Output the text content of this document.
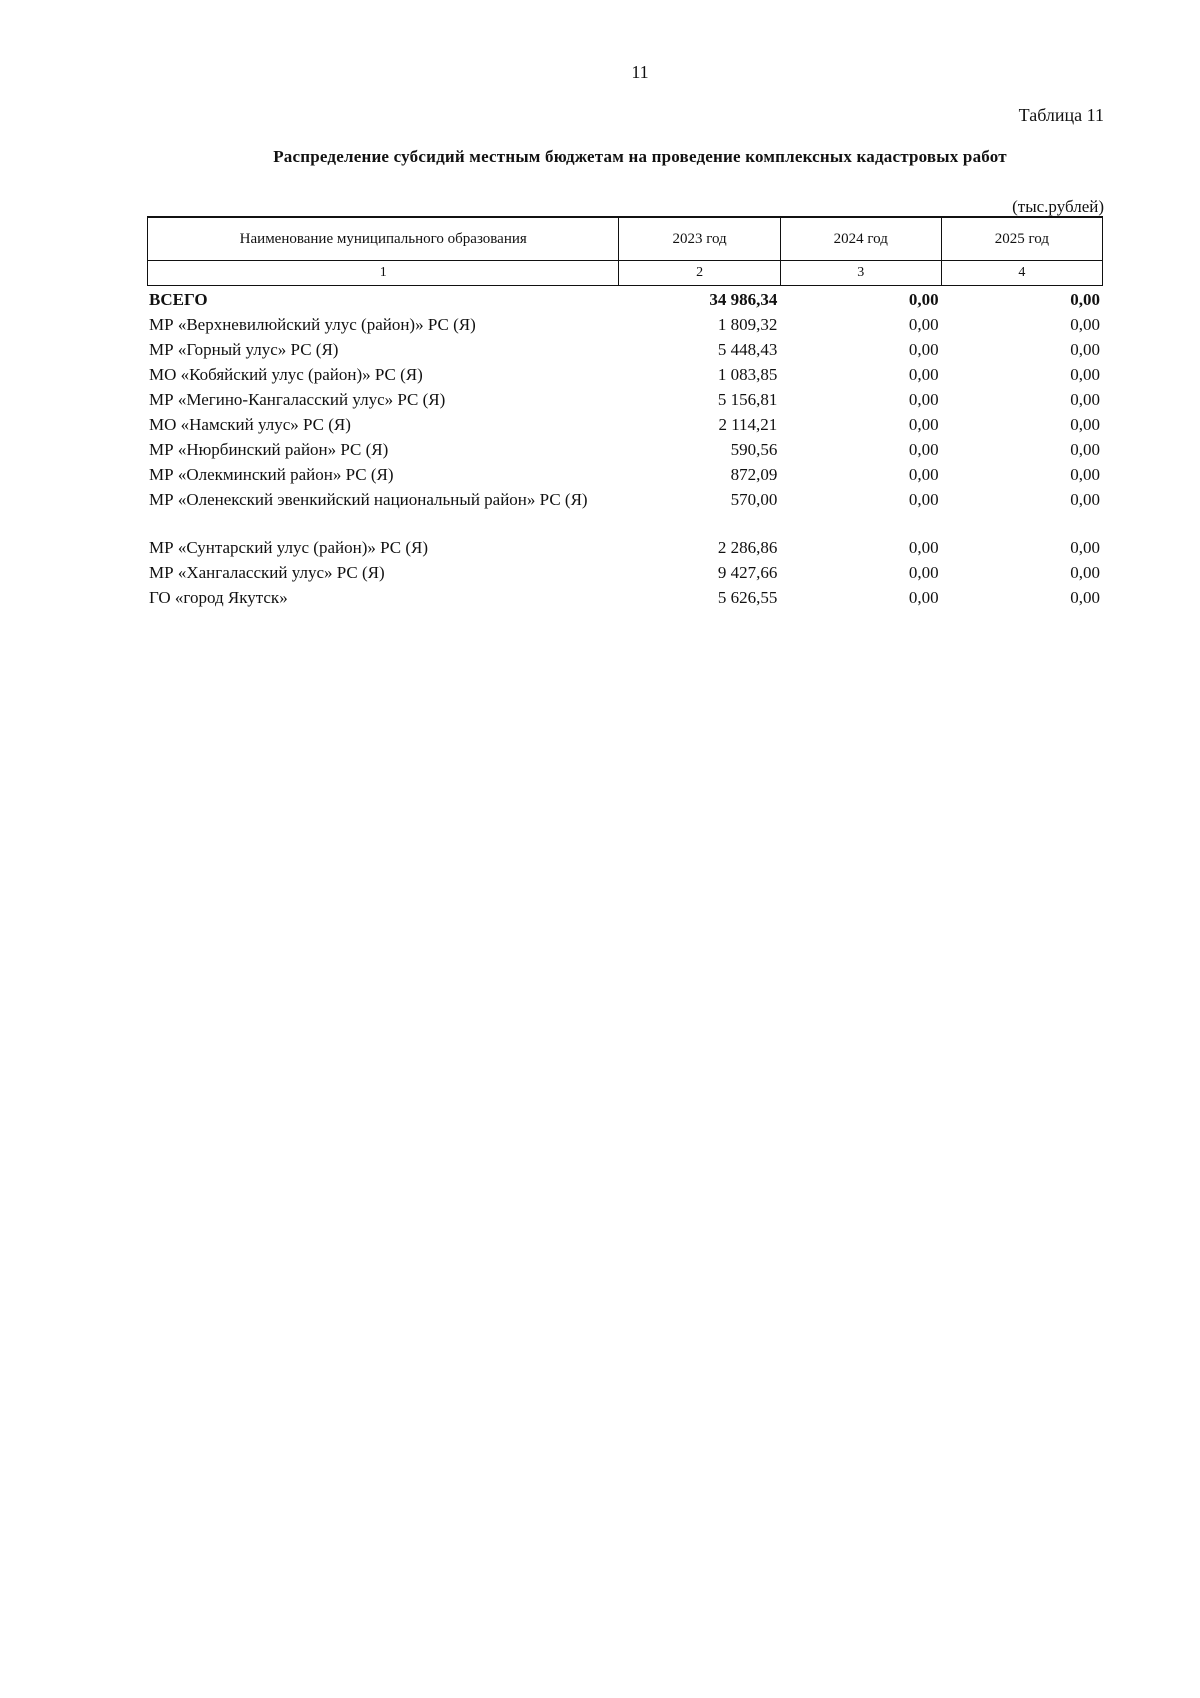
11
Таблица 11
Распределение субсидий местным бюджетам на проведение комплексных кадастровых работ
(тыс.рублей)
Наименование муниципального образования	2023 год	2024 год	2025 год
1	2	3	4
ВСЕГО	34 986,34	0,00	0,00
МР «Верхневилюйский улус (район)» РС (Я)	1 809,32	0,00	0,00
МР «Горный улус» РС (Я)	5 448,43	0,00	0,00
МО «Кобяйский улус (район)» РС (Я)	1 083,85	0,00	0,00
МР «Мегино-Кангаласский улус» РС (Я)	5 156,81	0,00	0,00
МО «Намский улус» РС (Я)	2 114,21	0,00	0,00
МР «Нюрбинский район» РС (Я)	590,56	0,00	0,00
МР «Олекминский район» РС (Я)	872,09	0,00	0,00
МР «Оленекский эвенкийский национальный район» РС (Я)	570,00	0,00	0,00
МР «Сунтарский улус (район)» РС (Я)	2 286,86	0,00	0,00
МР «Хангаласский улус» РС (Я)	9 427,66	0,00	0,00
ГО «город Якутск»	5 626,55	0,00	0,00
